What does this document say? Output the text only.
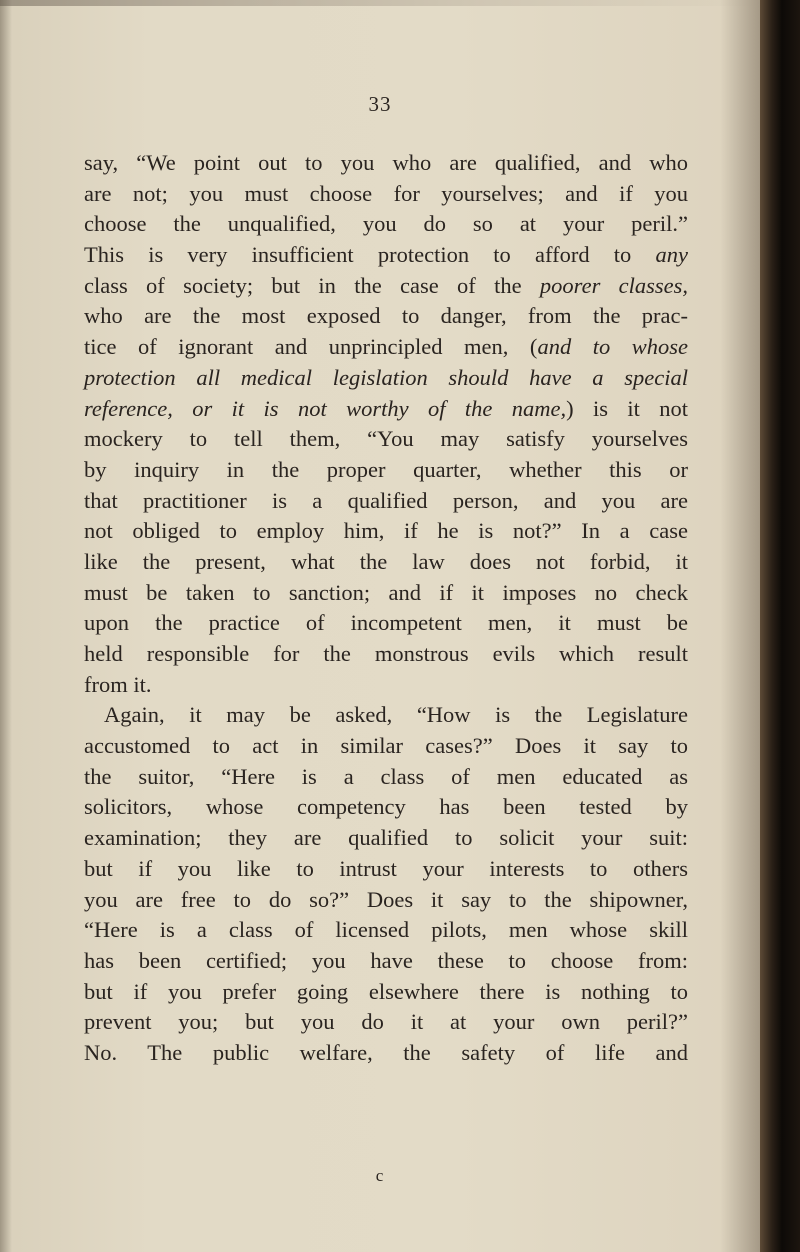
33
say, “We point out to you who are qualified, and who
are not; you must choose for yourselves; and if you
choose the unqualified, you do so at your peril.”
This is very insufficient protection to afford to any
class of society; but in the case of the poorer classes,
who are the most exposed to danger, from the prac-
tice of ignorant and unprincipled men, (and to whose
protection all medical legislation should have a special
reference, or it is not worthy of the name,) is it not
mockery to tell them, “You may satisfy yourselves
by inquiry in the proper quarter, whether this or
that practitioner is a qualified person, and you are
not obliged to employ him, if he is not?” In a case
like the present, what the law does not forbid, it
must be taken to sanction; and if it imposes no check
upon the practice of incompetent men, it must be
held responsible for the monstrous evils which result
from it.
Again, it may be asked, “How is the Legislature
accustomed to act in similar cases?” Does it say to
the suitor, “Here is a class of men educated as
solicitors, whose competency has been tested by
examination; they are qualified to solicit your suit:
but if you like to intrust your interests to others
you are free to do so?” Does it say to the shipowner,
“Here is a class of licensed pilots, men whose skill
has been certified; you have these to choose from:
but if you prefer going elsewhere there is nothing to
prevent you; but you do it at your own peril?”
No. The public welfare, the safety of life and
c
